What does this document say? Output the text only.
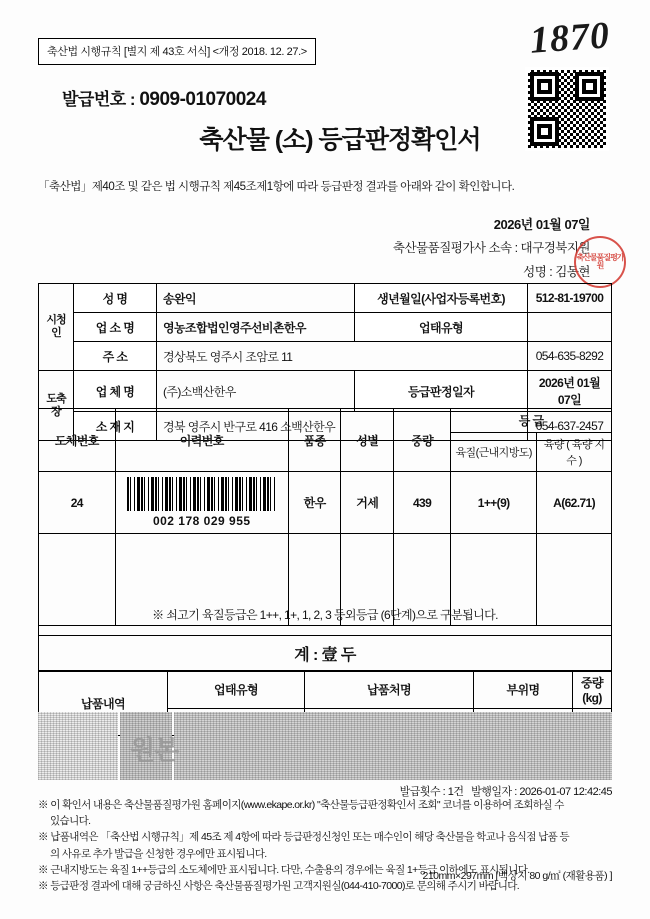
축산법 시행규칙 [별지 제 43호 서식] <개정 2018. 12. 27.>	1870
발급번호 : 0909-01070024
축산물 (소) 등급판정확인서
「축산법」제40조 및 같은 법 시행규칙 제45조제1항에 따라 등급판정 결과를 아래와 같이 확인합니다.
2026년 01월 07일
축산물품질평가사 소속 : 대구경북지원
성명 : 김동현
축산물품질평가원
시청인	성 명	송완익	생년월일(사업자등록번호)	512-81-19700
	업 소 명	영농조합법인영주선비촌한우	업태유형	
	주 소	경상북도 영주시 조암로 11		054-635-8292
도축장	업 체 명	(주)소백산한우	등급판정일자	2026년 01월 07일
	소 재 지	경북 영주시 반구로 416 소백산한우		054-637-2457
도체번호	이력번호	품종	성별	중량	등 급	
					육질(근내지방도)	육량 ( 육량 지수 )
24	002 178 029 955	한우	거세	439	1++(9)	A(62.71)

※ 쇠고기 육질등급은 1++, 1+, 1, 2, 3 등외등급 (6단계)으로 구분됩니다.
계 : 壹 두
납품내역	업태유형	납품처명	부위명	중량(kg)

원본
발급횟수 : 1건 발행일자 : 2026-01-07 12:42:45
※ 이 확인서 내용은 축산물품질평가원 홈페이지(www.ekape.or.kr) "축산물등급판정확인서 조회" 코너를 이용하여 조회하실 수
있습니다.
※ 납품내역은 「축산법 시행규칙」제 45조 제 4항에 따라 등급판정신청인 또는 매수인이 해당 축산물을 학교나 음식점 납품 등
의 사유로 추가 발급을 신청한 경우에만 표시됩니다.
※ 근내지방도는 육질 1++등급의 소도체에만 표시됩니다. 다만, 수출용의 경우에는 육질 1+등급 이하에도 표시됩니다.
※ 등급판정 결과에 대해 궁금하신 사항은 축산물품질평가원 고객지원실(044-410-7000)로 문의해 주시기 바랍니다.
210mm×297mm [백상지 80 g/㎡ (재활용품) ]
